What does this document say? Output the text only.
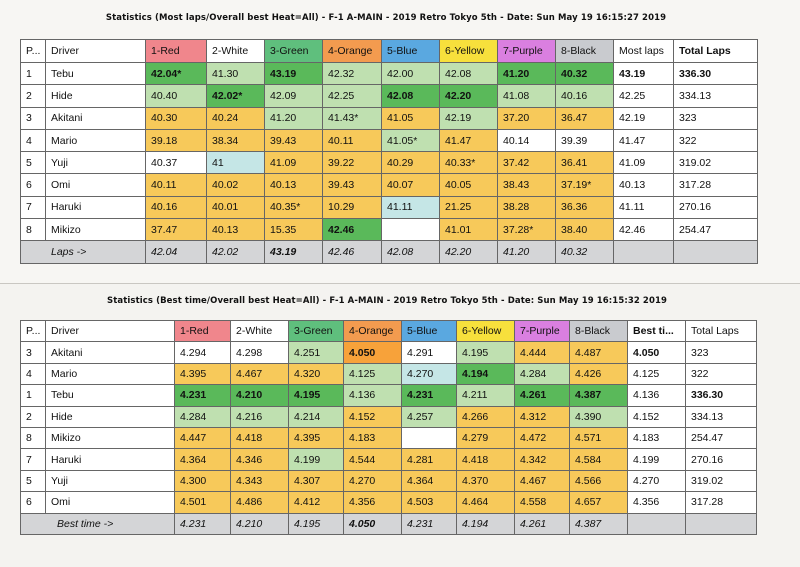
Statistics (Most laps/Overall best Heat=All) - F-1 A-MAIN - 2019 Retro Tokyo 5th - Date: Sun May 19 16:15:27 2019
Statistics (Best time/Overall best Heat=All) - F-1 A-MAIN - 2019 Retro Tokyo 5th - Date: Sun May 19 16:15:32 2019
P...	Driver	1-Red	2-White	3-Green	4-Orange	5-Blue	6-Yellow	7-Purple	8-Black	Most laps	Total Laps
1	Tebu	42.04*	41.30	43.19	42.32	42.00	42.08	41.20	40.32	43.19	336.30
2	Hide	40.40	42.02*	42.09	42.25	42.08	42.20	41.08	40.16	42.25	334.13
3	Akitani	40.30	40.24	41.20	41.43*	41.05	42.19	37.20	36.47	42.19	323
4	Mario	39.18	38.34	39.43	40.11	41.05*	41.47	40.14	39.39	41.47	322
5	Yuji	40.37	41	41.09	39.22	40.29	40.33*	37.42	36.41	41.09	319.02
6	Omi	40.11	40.02	40.13	39.43	40.07	40.05	38.43	37.19*	40.13	317.28
7	Haruki	40.16	40.01	40.35*	10.29	41.11	21.25	38.28	36.36	41.11	270.16
8	Mikizo	37.47	40.13	15.35	42.46		41.01	37.28*	38.40	42.46	254.47
Laps ->		42.04	42.02	43.19	42.46	42.08	42.20	41.20	40.32		
P...	Driver	1-Red	2-White	3-Green	4-Orange	5-Blue	6-Yellow	7-Purple	8-Black	Best ti...	Total Laps
3	Akitani	4.294	4.298	4.251	4.050	4.291	4.195	4.444	4.487	4.050	323
4	Mario	4.395	4.467	4.320	4.125	4.270	4.194	4.284	4.426	4.125	322
1	Tebu	4.231	4.210	4.195	4.136	4.231	4.211	4.261	4.387	4.136	336.30
2	Hide	4.284	4.216	4.214	4.152	4.257	4.266	4.312	4.390	4.152	334.13
8	Mikizo	4.447	4.418	4.395	4.183		4.279	4.472	4.571	4.183	254.47
7	Haruki	4.364	4.346	4.199	4.544	4.281	4.418	4.342	4.584	4.199	270.16
5	Yuji	4.300	4.343	4.307	4.270	4.364	4.370	4.467	4.566	4.270	319.02
6	Omi	4.501	4.486	4.412	4.356	4.503	4.464	4.558	4.657	4.356	317.28
Best time ->		4.231	4.210	4.195	4.050	4.231	4.194	4.261	4.387		
